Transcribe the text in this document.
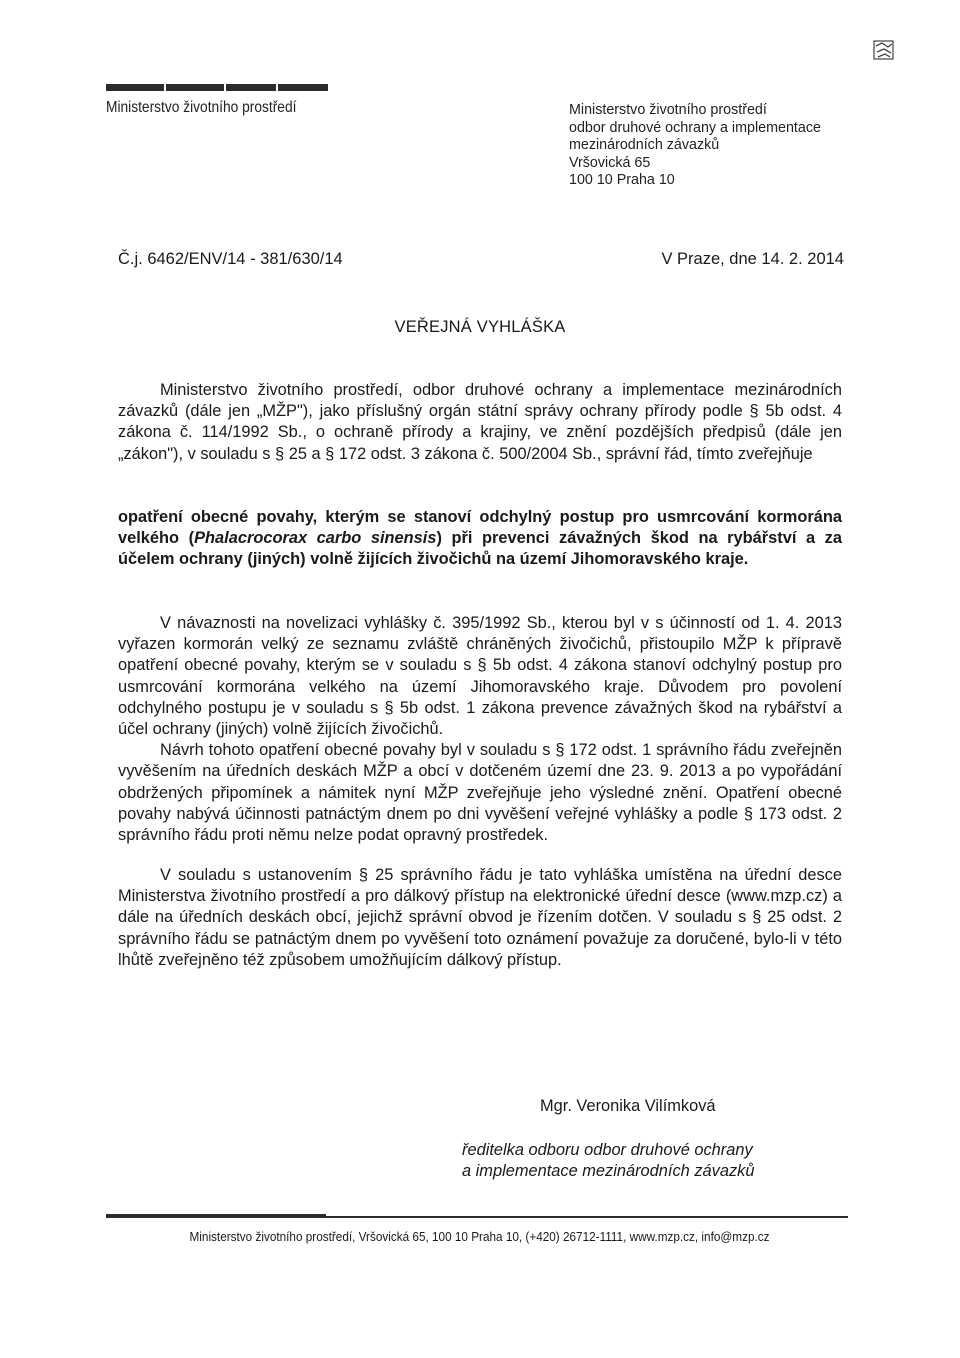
Ministerstvo životního prostředí	Ministerstvo životního prostředí
odbor druhové ochrany a implementace
mezinárodních závazků
Vršovická 65
100 10 Praha 10
Č.j. 6462/ENV/14 - 381/630/14	V Praze, dne 14. 2. 2014
VEŘEJNÁ VYHLÁŠKA

Ministerstvo životního prostředí, odbor druhové ochrany a implementace mezinárodních závazků (dále jen „MŽP"), jako příslušný orgán státní správy ochrany přírody podle § 5b odst. 4 zákona č. 114/1992 Sb., o ochraně přírody a krajiny, ve znění pozdějších předpisů (dále jen „zákon"), v souladu s § 25 a § 172 odst. 3 zákona č. 500/2004 Sb., správní řád, tímto zveřejňuje

opatření obecné povahy, kterým se stanoví odchylný postup pro usmrcování kormorána velkého (Phalacrocorax carbo sinensis) při prevenci závažných škod na rybářství a za účelem ochrany (jiných) volně žijících živočichů na území Jihomoravského kraje.

V návaznosti na novelizaci vyhlášky č. 395/1992 Sb., kterou byl v s účinností od 1. 4. 2013 vyřazen kormorán velký ze seznamu zvláště chráněných živočichů, přistoupilo MŽP k přípravě opatření obecné povahy, kterým se v souladu s § 5b odst. 4 zákona stanoví odchylný postup pro usmrcování kormorána velkého na území Jihomoravského kraje. Důvodem pro povolení odchylného postupu je v souladu s § 5b odst. 1 zákona prevence závažných škod na rybářství a účel ochrany (jiných) volně žijících živočichů.

Návrh tohoto opatření obecné povahy byl v souladu s § 172 odst. 1 správního řádu zveřejněn vyvěšením na úředních deskách MŽP a obcí v dotčeném území dne 23. 9. 2013 a po vypořádání obdržených připomínek a námitek nyní MŽP zveřejňuje jeho výsledné znění. Opatření obecné povahy nabývá účinnosti patnáctým dnem po dni vyvěšení veřejné vyhlášky a podle § 173 odst. 2 správního řádu proti němu nelze podat opravný prostředek.

V souladu s ustanovením § 25 správního řádu je tato vyhláška umístěna na úřední desce Ministerstva životního prostředí a pro dálkový přístup na elektronické úřední desce (www.mzp.cz) a dále na úředních deskách obcí, jejichž správní obvod je řízením dotčen. V souladu s § 25 odst. 2 správního řádu se patnáctým dnem po vyvěšení toto oznámení považuje za doručené, bylo-li v této lhůtě zveřejněno též způsobem umožňujícím dálkový přístup.

Mgr. Veronika Vilímková
ředitelka odboru odbor druhové ochrany
a implementace mezinárodních závazků
Ministerstvo životního prostředí, Vršovická 65, 100 10 Praha 10, (+420) 26712-1111, www.mzp.cz, info@mzp.cz
